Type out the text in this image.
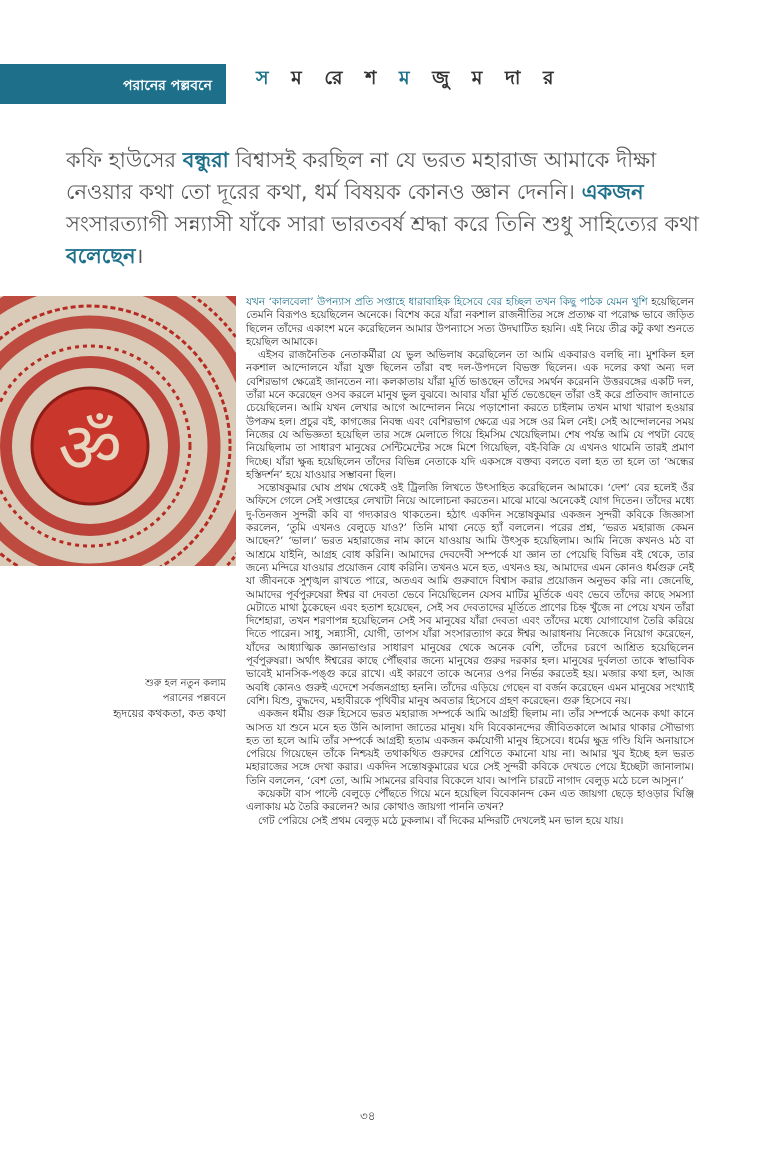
পরানের পল্লবনে স ম রে শ ম জু ম দা র

কফি হাউসের বন্ধুরা বিশ্বাসই করছিল না যে ভরত মহারাজ আমাকে দীক্ষা নেওয়ার কথা তো দূরের কথা, ধর্ম বিষয়ক কোনও জ্ঞান দেননি। একজন সংসারত্যাগী সন্ন্যাসী যাঁকে সারা ভারতবর্ষ শ্রদ্ধা করে তিনি শুধু সাহিত্যের কথা বলেছেন।

ॐ
শুরু হল নতুন কলাম
পরানের পল্লবনে
হৃদয়ের কথকতা, কত কথা

যখন ‘কালবেলা’ উপন্যাস প্রতি সপ্তাহে ধারাবাহিক হিসেবে বের হচ্ছিল তখন কিছু পাঠক যেমন খুশি হয়েছিলেন তেমনি বিরূপও হয়েছিলেন অনেকে। বিশেষ করে যাঁরা নকশাল রাজনীতির সঙ্গে প্রত্যক্ষ বা পরোক্ষ ভাবে জড়িত ছিলেন তাঁদের একাংশ মনে করেছিলেন আমার উপন্যাসে সত্য উদঘাটিত হয়নি। এই নিয়ে তীব্র কটু কথা শুনতে হয়েছিল আমাকে।

এইসব রাজনৈতিক নেতাকর্মীরা যে ভুল অভিলাষ করেছিলেন তা আমি একবারও বলছি না। মুশকিল হল নকশাল আন্দোলনে যাঁরা যুক্ত ছিলেন তাঁরা বহু দল-উপদলে বিভক্ত ছিলেন। এক দলের কথা অন্য দল বেশিরভাগ ক্ষেত্রেই জানতেন না। কলকাতায় যাঁরা মূর্তি ভাঙছেন তাঁদের সমর্থন করেননি উত্তরবঙ্গের একটি দল, তাঁরা মনে করেছেন ওসব করলে মানুষ ভুল বুঝবে। আবার যাঁরা মূর্তি ভেঙেছেন তাঁরা ওই করে প্রতিবাদ জানাতে চেয়েছিলেন। আমি যখন লেখার আগে আন্দোলন নিয়ে পড়াশোনা করতে চাইলাম তখন মাথা খারাপ হওয়ার উপক্রম হল। প্রচুর বই, কাগজের নিবন্ধ এবং বেশিরভাগ ক্ষেত্রে এর সঙ্গে ওর মিল নেই। সেই আন্দোলনের সময় নিজের যে অভিজ্ঞতা হয়েছিল তার সঙ্গে মেলাতে গিয়ে হিমসিম খেয়েছিলাম। শেষ পর্যন্ত আমি যে পথটা বেছে নিয়েছিলাম তা সাধারণ মানুষের সেন্টিমেন্টের সঙ্গে মিশে গিয়েছিল, বই-বিক্রি যে এখনও থামেনি তারই প্রমাণ দিচ্ছে। যাঁরা ক্ষুব্ধ হয়েছিলেন তাঁদের বিভিন্ন নেতাকে যদি একসঙ্গে বক্তব্য বলতে বলা হত তা হলে তা ‘অন্ধের হস্তিদর্শন’ হয়ে যাওয়ার সম্ভাবনা ছিল।

সন্তোষকুমার ঘোষ প্রথম থেকেই ওই ট্রিলজি লিখতে উৎসাহিত করেছিলেন আমাকে। ‘দেশ’ বের হলেই ওঁর অফিসে গেলে সেই সপ্তাহের লেখাটা নিয়ে আলোচনা করতেন। মাঝে মাঝে অনেকেই যোগ দিতেন। তাঁদের মধ্যে দু-তিনজন সুন্দরী কবি বা গদ্যকারও থাকতেন। হঠাৎ একদিন সন্তোষকুমার একজন সুন্দরী কবিকে জিজ্ঞাসা করলেন, ‘তুমি এখনও বেলুড়ে যাও?’ তিনি মাথা নেড়ে হ্যাঁ বললেন। পরের প্রশ্ন, ‘ভরত মহারাজ কেমন আছেন?’ ‘ভাল।’ ভরত মহারাজের নাম কানে যাওয়ায় আমি উৎসুক হয়েছিলাম। আমি নিজে কখনও মঠ বা আশ্রমে যাইনি, আগ্রহ বোধ করিনি। আমাদের দেবদেবী সম্পর্কে যা জ্ঞান তা পেয়েছি বিভিন্ন বই থেকে, তার জন্যে মন্দিরে যাওয়ার প্রয়োজন বোধ করিনি। তখনও মনে হত, এখনও হয়, আমাদের এমন কোনও ধর্মগুরু নেই যা জীবনকে সুশৃঙ্খল রাখতে পারে, অতএব আমি গুরুবাদে বিশ্বাস করার প্রয়োজন অনুভব করি না। জেনেছি, আমাদের পূর্বপুরুষেরা ঈশ্বর বা দেবতা ভেবে নিয়েছিলেন যেসব মাটির মূর্তিকে এবং ভেবে তাঁদের কাছে সমস্যা মেটাতে মাথা ঠুকেছেন এবং হতাশ হয়েছেন, সেই সব দেবতাদের মূর্তিতে প্রাণের চিহ্ন খুঁজে না পেয়ে যখন তাঁরা দিশেহারা, তখন শরণাপন্ন হয়েছিলেন সেই সব মানুষের যাঁরা দেবতা এবং তাঁদের মধ্যে যোগাযোগ তৈরি করিয়ে দিতে পারেন। সাধু, সন্ন্যাসী, যোগী, তাপস যাঁরা সংসারত্যাগ করে ঈশ্বর আরাধনায় নিজেকে নিয়োগ করেছেন, যাঁদের আধ্যাত্মিক জ্ঞানভাণ্ডার সাধারণ মানুষের থেকে অনেক বেশি, তাঁদের চরণে আশ্রিত হয়েছিলেন পূর্বপুরুষরা। অর্থাৎ ঈশ্বরের কাছে পৌঁছবার জন্যে মানুষের গুরুর দরকার হল। মানুষের দুর্বলতা তাকে স্বাভাবিক ভাবেই মানসিক-পঙ্গু করে রাখে। এই কারণে তাকে অন্যের ওপর নির্ভর করতেই হয়। মজার কথা হল, আজ অবধি কোনও গুরুই এদেশে সর্বজনগ্রাহ্য হননি। তাঁদের এড়িয়ে গেছেন বা বর্জন করেছেন এমন মানুষের সংখ্যাই বেশি। যিশু, বুদ্ধদেব, মহাবীরকে পৃথিবীর মানুষ অবতার হিসেবে গ্রহণ করেছেন। গুরু হিসেবে নয়।

একজন ধর্মীয় গুরু হিসেবে ভরত মহারাজ সম্পর্কে আমি আগ্রহী ছিলাম না। তাঁর সম্পর্কে অনেক কথা কানে আসত যা শুনে মনে হত উনি আলাদা জাতের মানুষ। যদি বিবেকানন্দের জীবিতকালে আমার থাকার সৌভাগ্য হত তা হলে আমি তাঁর সম্পর্কে আগ্রহী হতাম একজন কর্মযোগী মানুষ হিসেবে। ধর্মের ক্ষুদ্র গণ্ডি যিনি অনায়াসে পেরিয়ে গিয়েছেন তাঁকে নিশ্চয়ই তথাকথিত গুরুদের শ্রেণিতে কমানো যায় না। আমার খুব ইচ্ছে হল ভরত মহারাজের সঙ্গে দেখা করার। একদিন সন্তোষকুমারের ঘরে সেই সুন্দরী কবিকে দেখতে পেয়ে ইচ্ছেটা জানালাম। তিনি বললেন, ‘বেশ তো, আমি সামনের রবিবার বিকেলে যাব। আপনি চারটে নাগাদ বেলুড় মঠে চলে আসুন।’

কয়েকটা বাস পাল্টে বেলুড়ে পৌঁছতে গিয়ে মনে হয়েছিল বিবেকানন্দ কেন এত জায়গা ছেড়ে হাওড়ার ঘিঞ্জি এলাকায় মঠ তৈরি করলেন? আর কোথাও জায়গা পাননি তখন?

গেট পেরিয়ে সেই প্রথম বেলুড় মঠে ঢুকলাম। বাঁ দিকের মন্দিরটি দেখলেই মন ভাল হয়ে যায়।

৩৪
